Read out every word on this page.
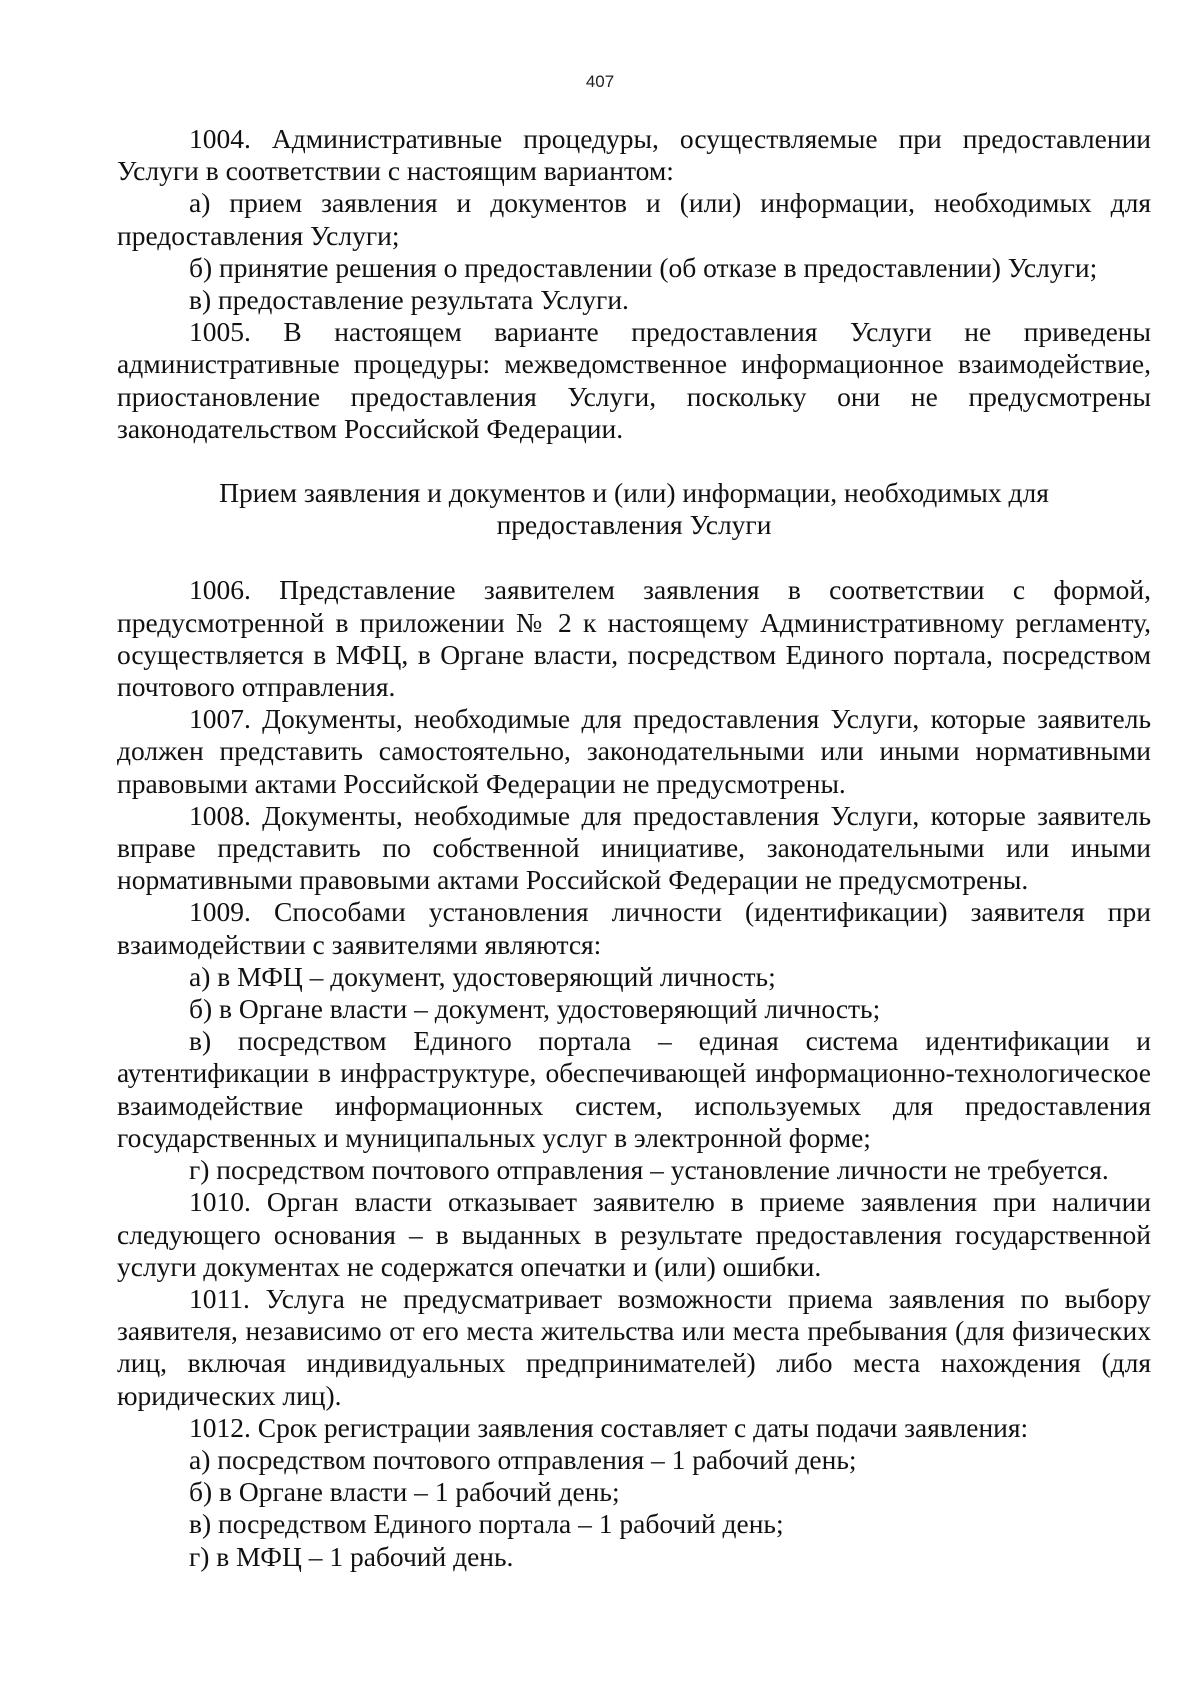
407

1004. Административные процедуры, осуществляемые при предоставлении Услуги в соответствии с настоящим вариантом:

а) прием заявления и документов и (или) информации, необходимых для предоставления Услуги;

б) принятие решения о предоставлении (об отказе в предоставлении) Услуги;

в) предоставление результата Услуги.

1005. В настоящем варианте предоставления Услуги не приведены административные процедуры: межведомственное информационное взаимодействие, приостановление предоставления Услуги, поскольку они не предусмотрены законодательством Российской Федерации.

Прием заявления и документов и (или) информации, необходимых для предоставления Услуги

1006. Представление заявителем заявления в соответствии с формой, предусмотренной в приложении № 2 к настоящему Административному регламенту, осуществляется в МФЦ, в Органе власти, посредством Единого портала, посредством почтового отправления.

1007. Документы, необходимые для предоставления Услуги, которые заявитель должен представить самостоятельно, законодательными или иными нормативными правовыми актами Российской Федерации не предусмотрены.

1008. Документы, необходимые для предоставления Услуги, которые заявитель вправе представить по собственной инициативе, законодательными или иными нормативными правовыми актами Российской Федерации не предусмотрены.

1009. Способами установления личности (идентификации) заявителя при взаимодействии с заявителями являются:

а) в МФЦ – документ, удостоверяющий личность;

б) в Органе власти – документ, удостоверяющий личность;

в) посредством Единого портала – единая система идентификации и аутентификации в инфраструктуре, обеспечивающей информационно-технологическое взаимодействие информационных систем, используемых для предоставления государственных и муниципальных услуг в электронной форме;

г) посредством почтового отправления – установление личности не требуется.

1010. Орган власти отказывает заявителю в приеме заявления при наличии следующего основания – в выданных в результате предоставления государственной услуги документах не содержатся опечатки и (или) ошибки.

1011. Услуга не предусматривает возможности приема заявления по выбору заявителя, независимо от его места жительства или места пребывания (для физических лиц, включая индивидуальных предпринимателей) либо места нахождения (для юридических лиц).

1012. Срок регистрации заявления составляет с даты подачи заявления:

а) посредством почтового отправления – 1 рабочий день;

б) в Органе власти – 1 рабочий день;

в) посредством Единого портала – 1 рабочий день;

г) в МФЦ – 1 рабочий день.
